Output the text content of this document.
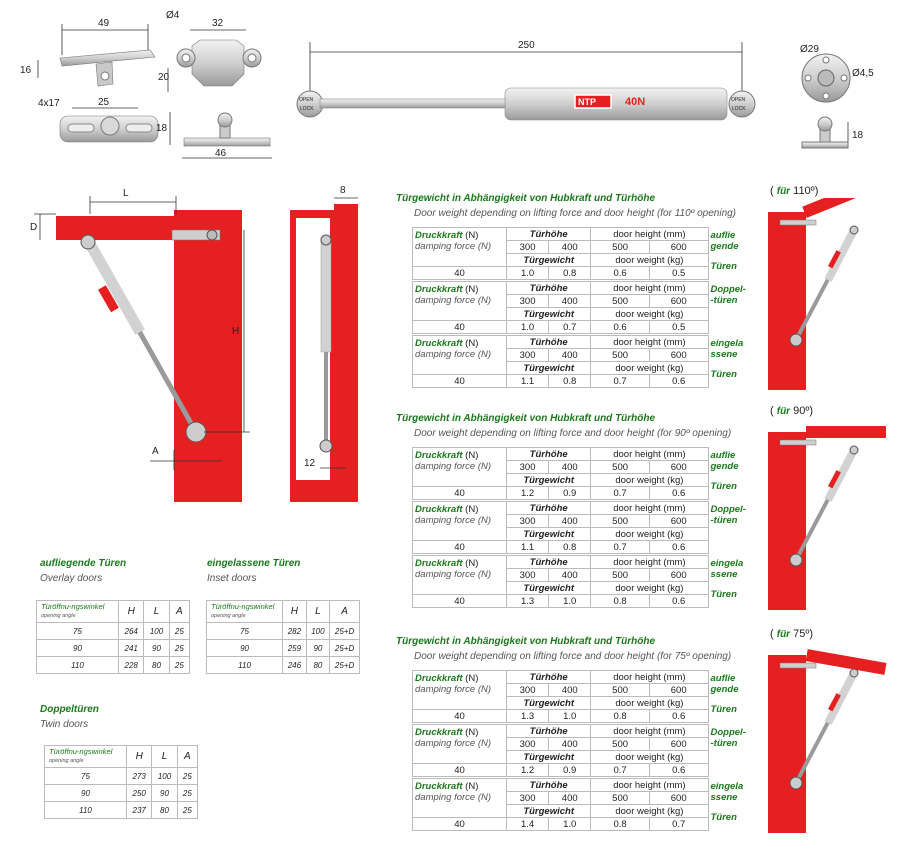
49
16
Ø4
32
20
4x17	25
18
46
250
NTP	40N
OPEN
LOCK
OPEN
LOCK
Ø29
Ø4,5
18
L
D
H
A
8
12
aufliegende Türen
Overlay doors
Türöffnu-ngswinkel
opening angle	H	L	A
75	264	100	25
90	241	90	25
110	228	80	25
eingelassene Türen
Inset doors
Türöffnu-ngswinkel
opening angle	H	L	A
75	282	100	25+D
90	259	90	25+D
110	246	80	25+D
Doppeltüren
Twin doors
Türöffnu-ngswinkel
opening angle	H	L	A
75	273	100	25
90	250	90	25
110	237	80	25
Türgewicht in Abhängigkeit von Hubkraft und Türhöhe
Door weight depending on lifting force and door height (for 110º opening)
( für 110º)
Druckkraft (N)
damping force (N)	Türhöhe		door height (mm)		auflie
gende
	300	400	500	600	
	Türgewicht		door weight (kg)		Türen
40	1.0	0.8	0.6	0.5	
Druckkraft (N)
damping force (N)	Türhöhe		door height (mm)		Doppel-
-türen
	300	400	500	600	
	Türgewicht		door weight (kg)		
40	1.0	0.7	0.6	0.5	
Druckkraft (N)
damping force (N)	Türhöhe		door height (mm)		eingela
ssene
	300	400	500	600	
	Türgewicht		door weight (kg)		Türen
40	1.1	0.8	0.7	0.6	
Türgewicht in Abhängigkeit von Hubkraft und Türhöhe
Door weight depending on lifting force and door height (for 90º opening)
( für 90º)
Druckkraft (N)
damping force (N)	Türhöhe		door height (mm)		auflie
gende
	300	400	500	600	
	Türgewicht		door weight (kg)		Türen
40	1.2	0.9	0.7	0.6	
Druckkraft (N)
damping force (N)	Türhöhe		door height (mm)		Doppel-
-türen
	300	400	500	600	
	Türgewicht		door weight (kg)		
40	1.1	0.8	0.7	0.6	
Druckkraft (N)
damping force (N)	Türhöhe		door height (mm)		eingela
ssene
	300	400	500	600	
	Türgewicht		door weight (kg)		Türen
40	1.3	1.0	0.8	0.6	
Türgewicht in Abhängigkeit von Hubkraft und Türhöhe
Door weight depending on lifting force and door height (for 75º opening)
( für 75º)
Druckkraft (N)
damping force (N)	Türhöhe		door height (mm)		auflie
gende
	300	400	500	600	
	Türgewicht		door weight (kg)		Türen
40	1.3	1.0	0.8	0.6	
Druckkraft (N)
damping force (N)	Türhöhe		door height (mm)		Doppel-
-türen
	300	400	500	600	
	Türgewicht		door weight (kg)		
40	1.2	0.9	0.7	0.6	
Druckkraft (N)
damping force (N)	Türhöhe		door height (mm)		eingela
ssene
	300	400	500	600	
	Türgewicht		door weight (kg)		Türen
40	1.4	1.0	0.8	0.7	
